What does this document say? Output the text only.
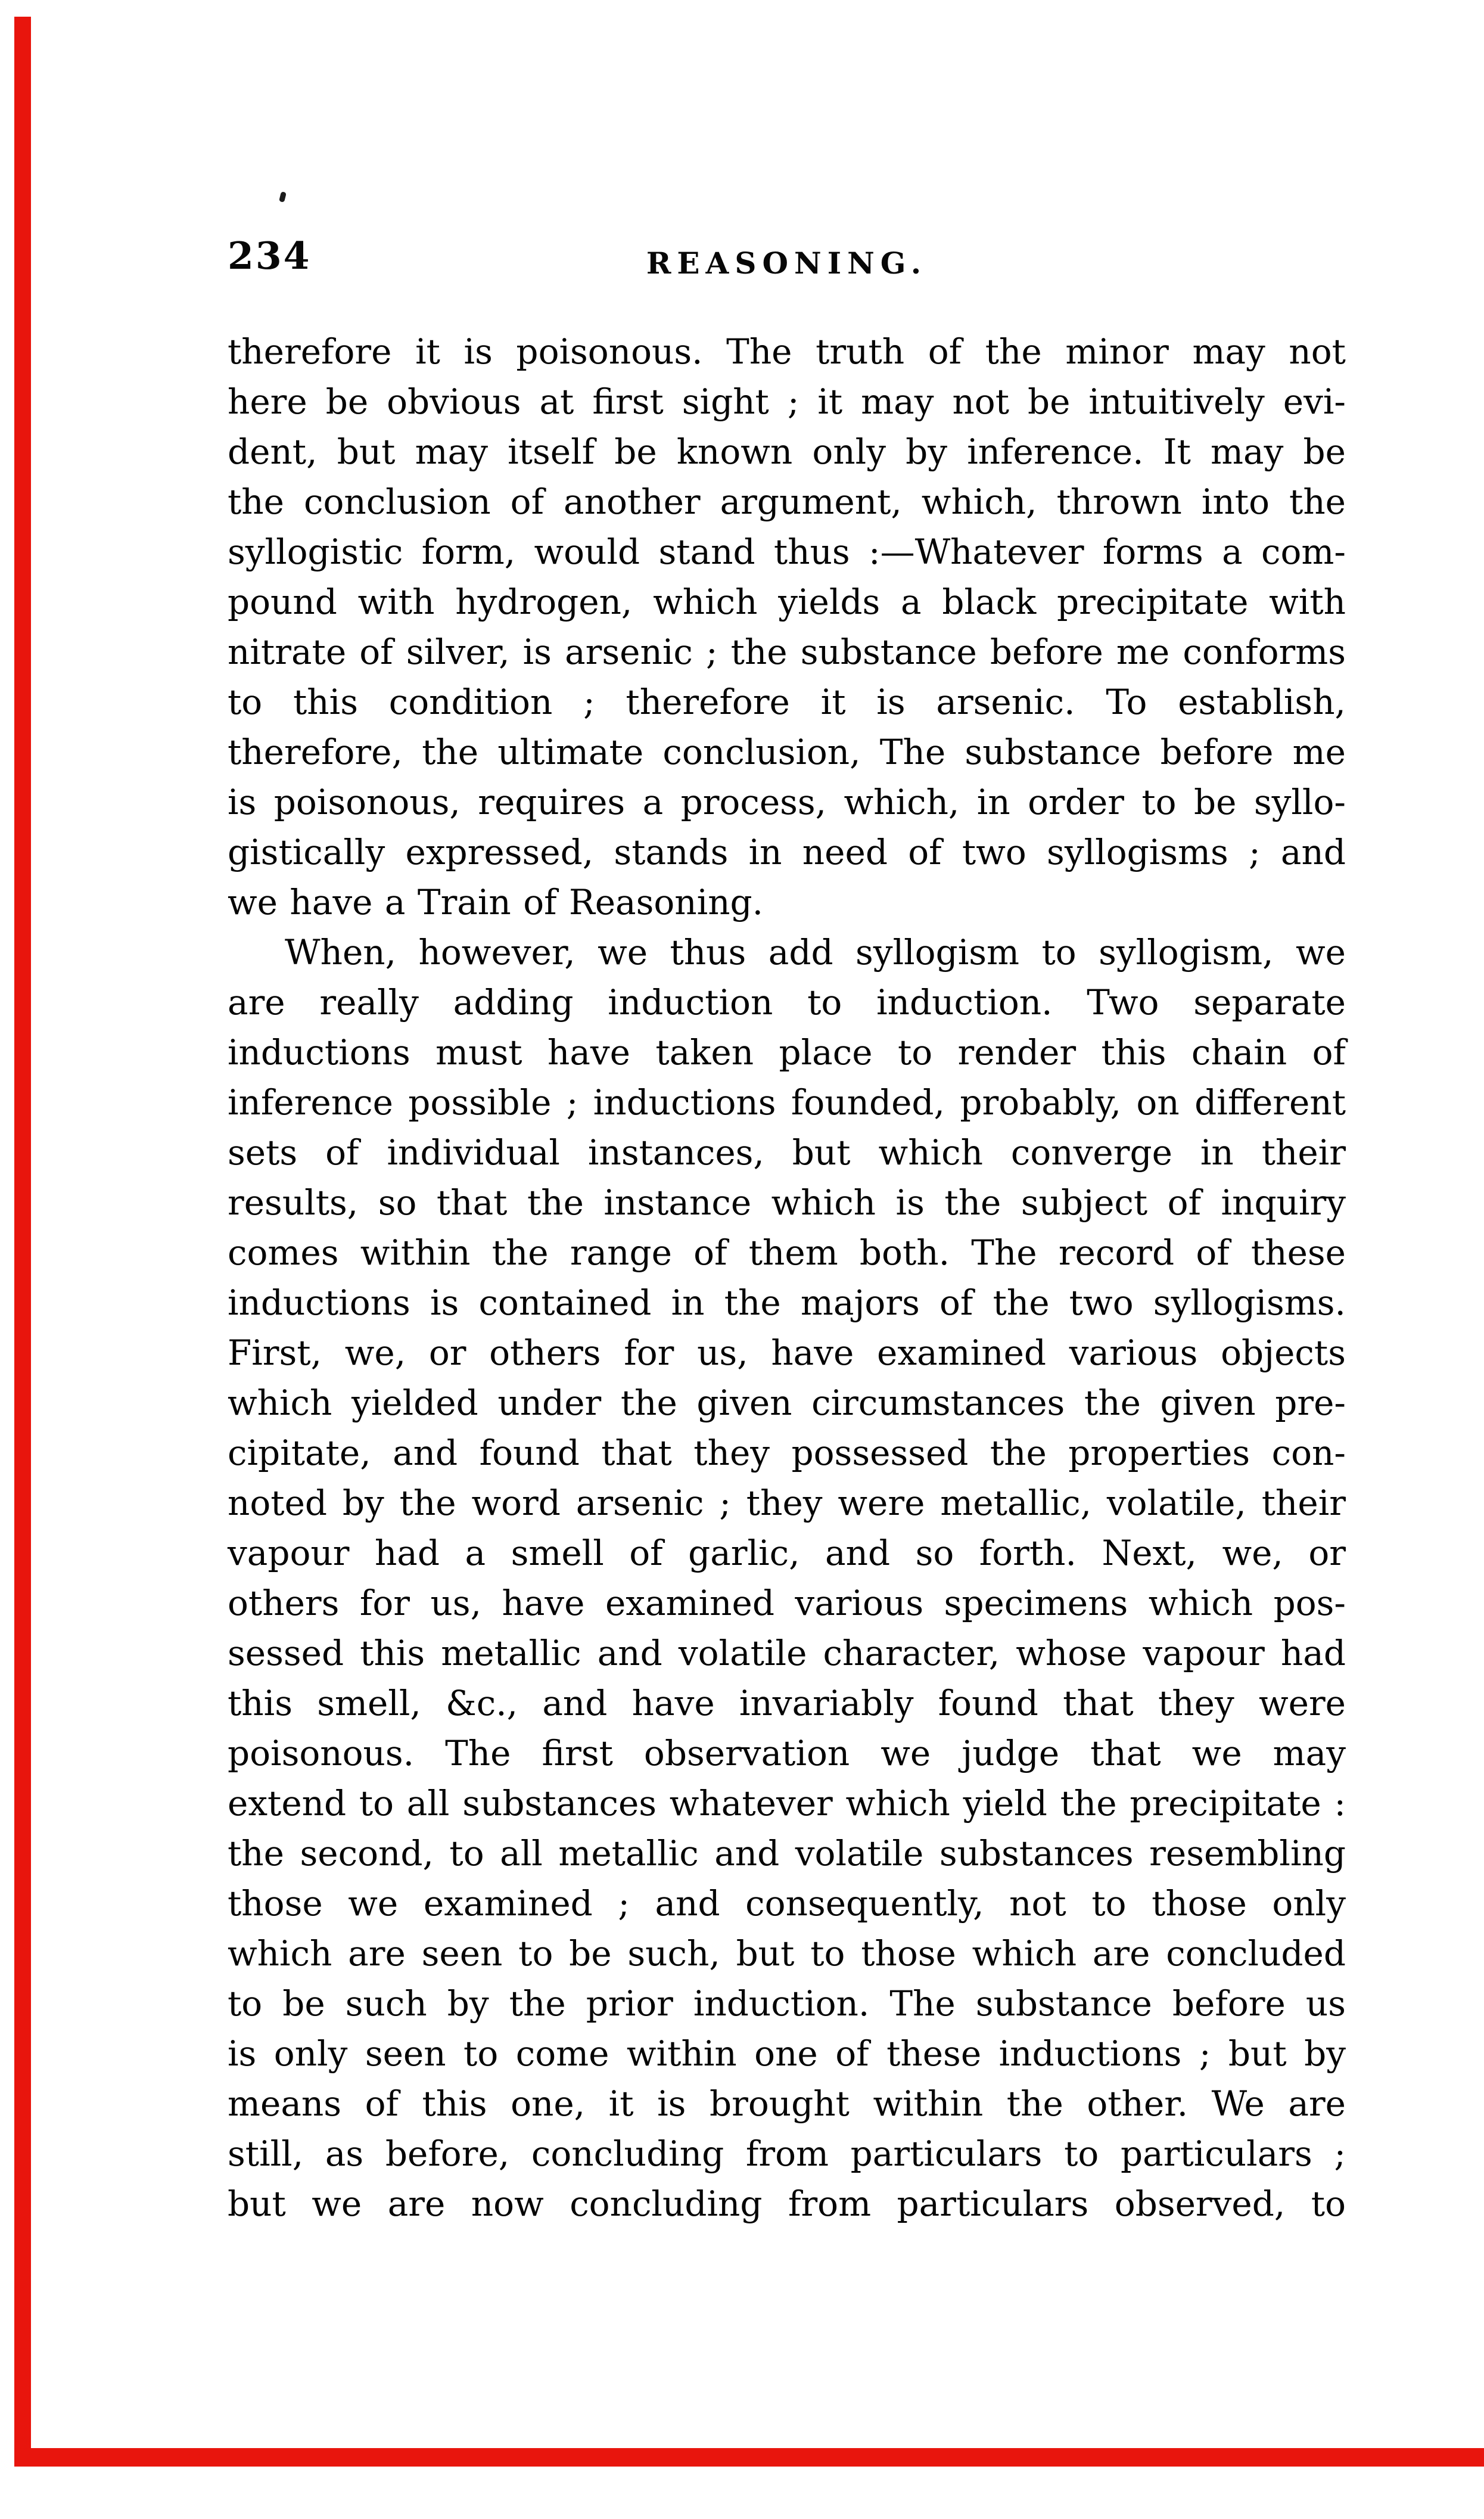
234	REASONING.
therefore it is poisonous. The truth of the minor may not
here be obvious at first sight ; it may not be intuitively evi-
dent, but may itself be known only by inference. It may be
the conclusion of another argument, which, thrown into the
syllogistic form, would stand thus :—Whatever forms a com-
pound with hydrogen, which yields a black precipitate with
nitrate of silver, is arsenic ; the substance before me conforms
to this condition ; therefore it is arsenic. To establish,
therefore, the ultimate conclusion, The substance before me
is poisonous, requires a process, which, in order to be syllo-
gistically expressed, stands in need of two syllogisms ; and
we have a Train of Reasoning.
When, however, we thus add syllogism to syllogism, we
are really adding induction to induction. Two separate
inductions must have taken place to render this chain of
inference possible ; inductions founded, probably, on different
sets of individual instances, but which converge in their
results, so that the instance which is the subject of inquiry
comes within the range of them both. The record of these
inductions is contained in the majors of the two syllogisms.
First, we, or others for us, have examined various objects
which yielded under the given circumstances the given pre-
cipitate, and found that they possessed the properties con-
noted by the word arsenic ; they were metallic, volatile, their
vapour had a smell of garlic, and so forth. Next, we, or
others for us, have examined various specimens which pos-
sessed this metallic and volatile character, whose vapour had
this smell, &c., and have invariably found that they were
poisonous. The first observation we judge that we may
extend to all substances whatever which yield the precipitate :
the second, to all metallic and volatile substances resembling
those we examined ; and consequently, not to those only
which are seen to be such, but to those which are concluded
to be such by the prior induction. The substance before us
is only seen to come within one of these inductions ; but by
means of this one, it is brought within the other. We are
still, as before, concluding from particulars to particulars ;
but we are now concluding from particulars observed, to
